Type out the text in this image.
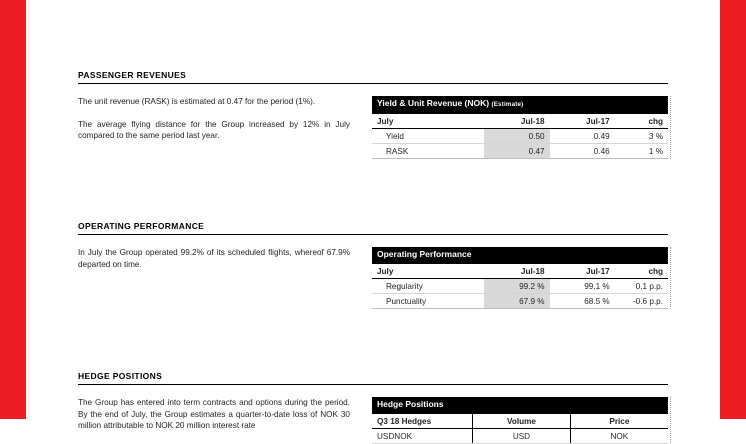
PASSENGER REVENUES

The unit revenue (RASK) is estimated at 0.47 for the period (1%).

The average flying distance for the Group increased by 12% in July compared to the same period last year.

Yield & Unit Revenue (NOK) (Estimate)
July	Jul-18	Jul-17	chg
Yield	0.50	0.49	3 %
RASK	0.47	0.46	1 %
OPERATING PERFORMANCE

In July the Group operated 99.2% of its scheduled flights, whereof 67.9% departed on time.

Operating Performance
July	Jul-18	Jul-17	chg
Regularity	99.2 %	99.1 %	0.1 p.p.
Punctuality	67.9 %	68.5 %	-0.6 p.p.
HEDGE POSITIONS

The Group has entered into term contracts and options during the period. By the end of July, the Group estimates a quarter-to-date loss of NOK 30 million attributable to NOK 20 million interest rate

Hedge Positions
Q3 18 Hedges	Volume	Price
USDNOK	USD	NOK
